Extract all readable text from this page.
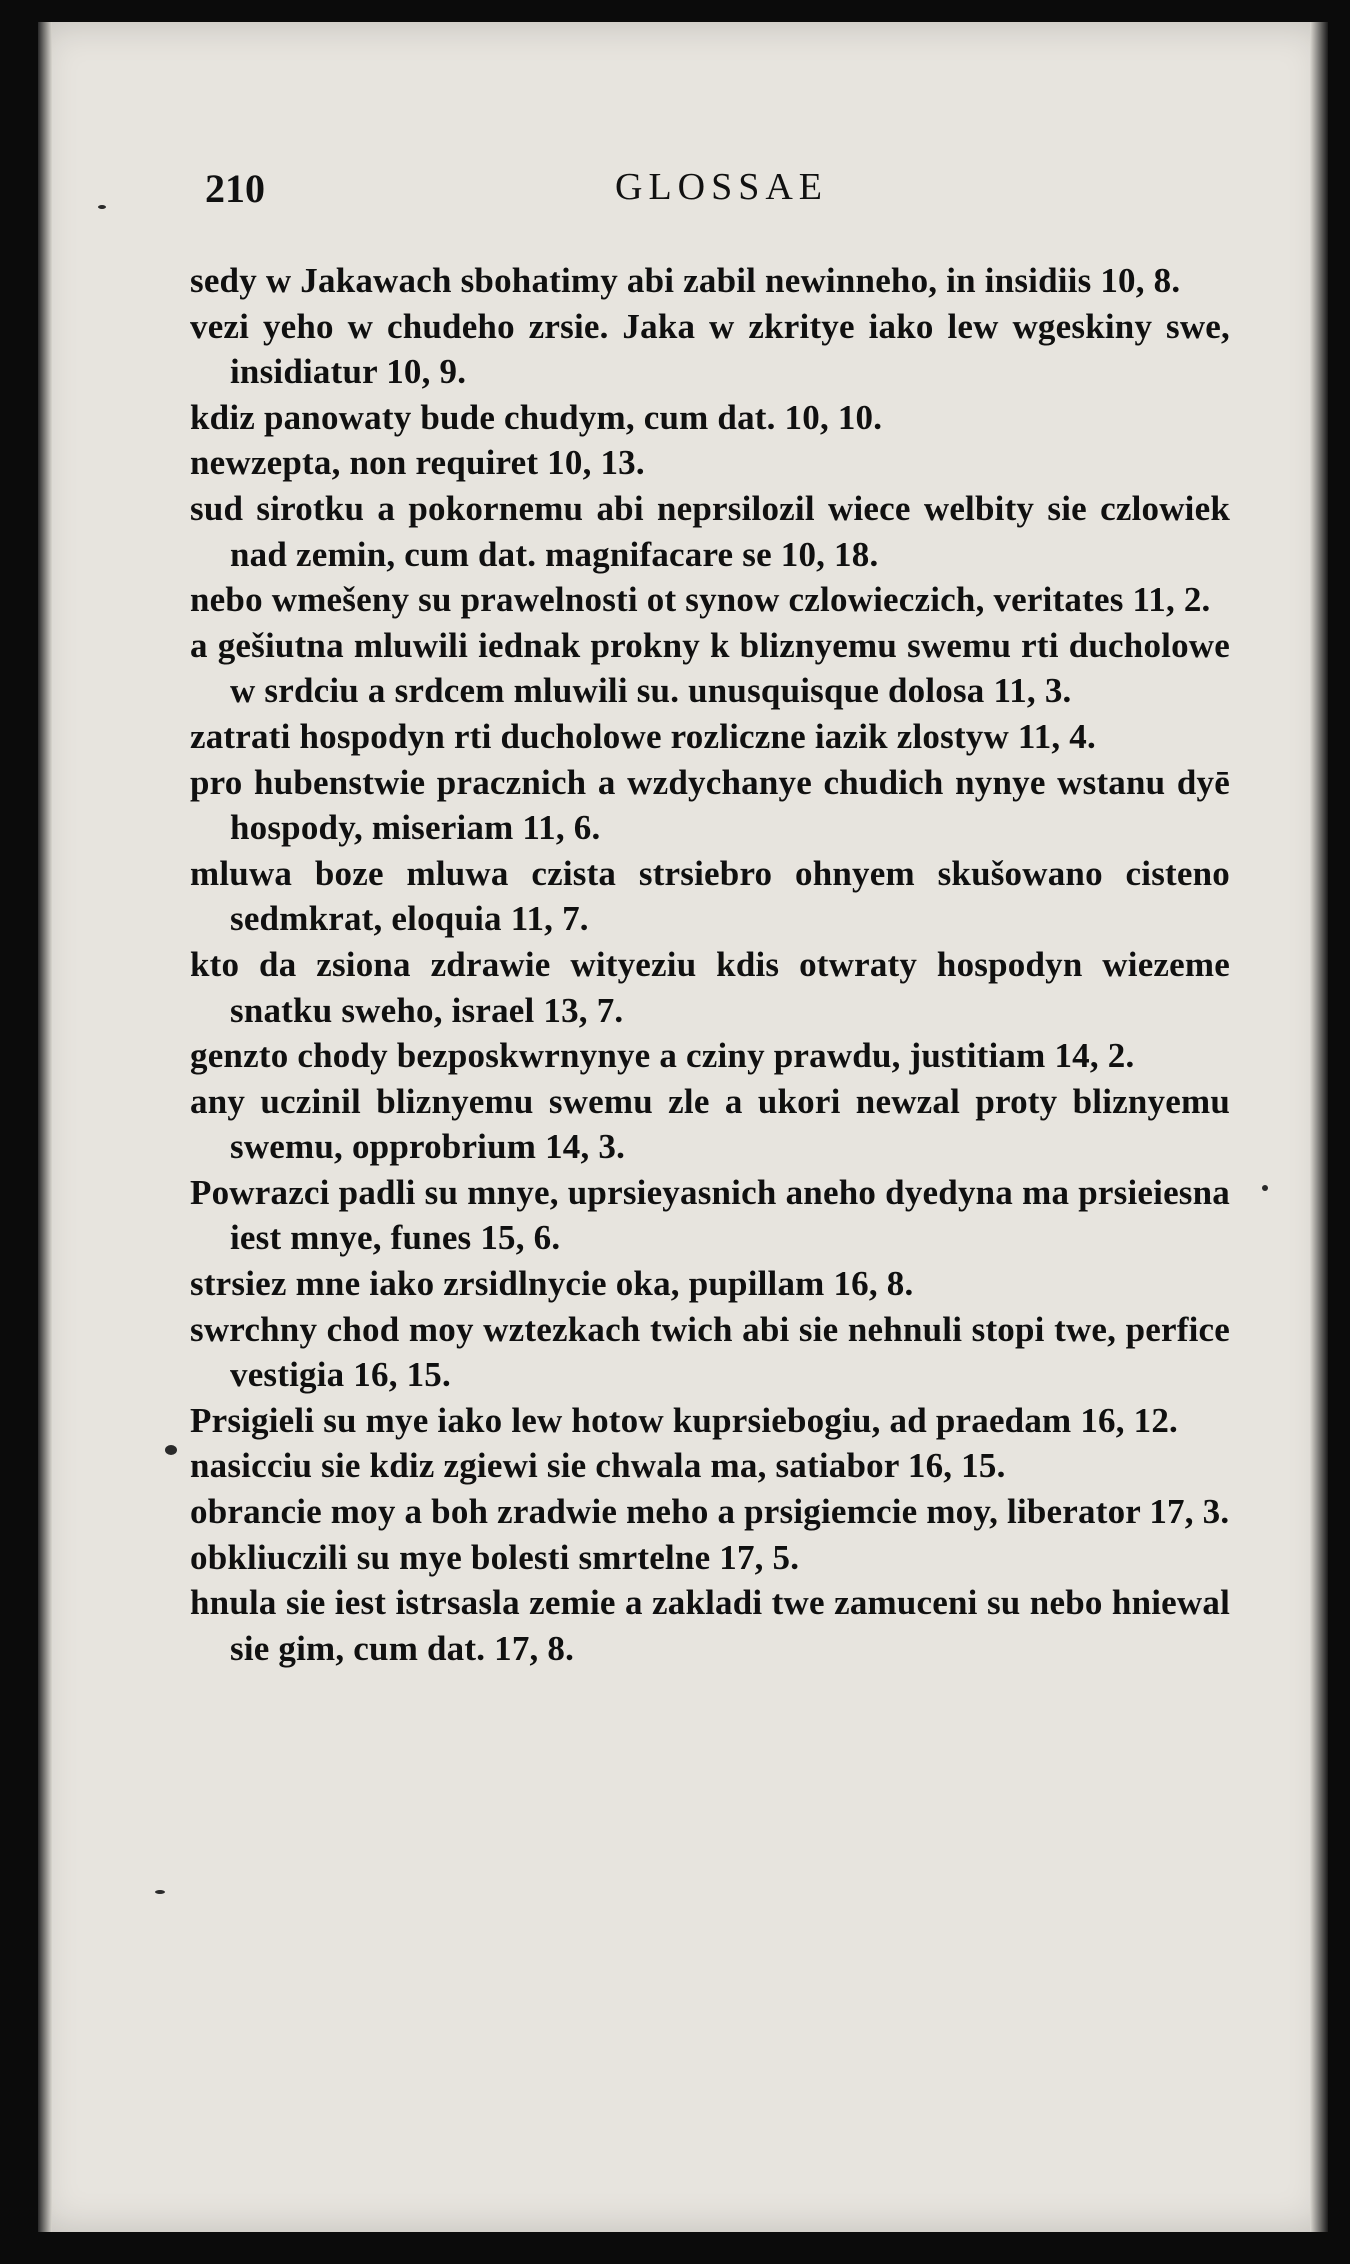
210	GLOSSAE

sedy w Jakawach sbohatimy abi zabil newinneho, in insidiis 10, 8.

vezi yeho w chudeho zrsie. Jaka w zkritye iako lew wgeskiny swe, insidiatur 10, 9.

kdiz panowaty bude chudym, cum dat. 10, 10.

newzepta, non requiret 10, 13.

sud sirotku a pokornemu abi neprsilozil wiece welbity sie czlowiek nad zemin, cum dat. magnifacare se 10, 18.

nebo wmešeny su prawelnosti ot synow czlowieczich, veritates 11, 2.

a gešiutna mluwili iednak prokny k bliznyemu swemu rti ducholowe w srdciu a srdcem mluwili su. unusquisque dolosa 11, 3.

zatrati hospodyn rti ducholowe rozliczne iazik zlostyw 11, 4.

pro hubenstwie pracznich a wzdychanye chudich nynye wstanu dyē hospody, miseriam 11, 6.

mluwa boze mluwa czista strsiebro ohnyem skušowano cisteno sedmkrat, eloquia 11, 7.

kto da zsiona zdrawie wityeziu kdis otwraty hospodyn wiezeme snatku sweho, israel 13, 7.

genzto chody bezposkwrnynye a cziny prawdu, justitiam 14, 2.

any uczinil bliznyemu swemu zle a ukori newzal proty bliznyemu swemu, opprobrium 14, 3.

Powrazci padli su mnye, uprsieyasnich aneho dyedyna ma prsieiesna iest mnye, funes 15, 6.

strsiez mne iako zrsidlnycie oka, pupillam 16, 8.

swrchny chod moy wztezkach twich abi sie nehnuli stopi twe, perfice vestigia 16, 15.

Prsigieli su mye iako lew hotow kuprsiebogiu, ad praedam 16, 12.

nasicciu sie kdiz zgiewi sie chwala ma, satiabor 16, 15.

obrancie moy a boh zradwie meho a prsigiemcie moy, liberator 17, 3.

obkliuczili su mye bolesti smrtelne 17, 5.

hnula sie iest istrsasla zemie a zakladi twe zamuceni su nebo hniewal sie gim, cum dat. 17, 8.
